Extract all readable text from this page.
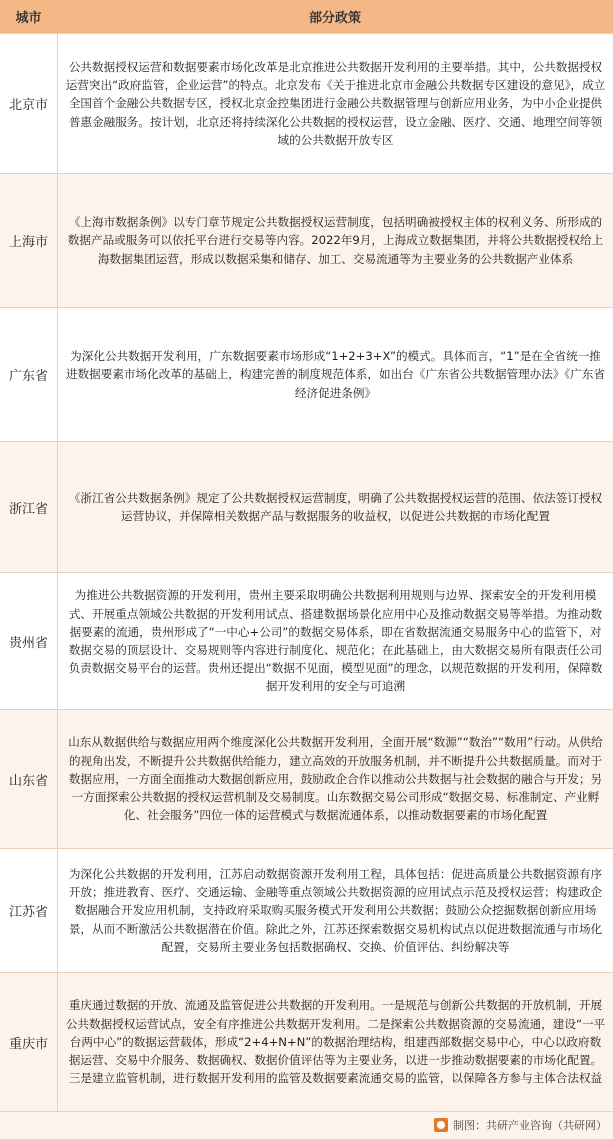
城市	部分政策
北京市
公共数据授权运营和数据要素市场化改革是北京推进公共数据开发利用的主要举措。其中，公共数据授权运营突出“政府监管，企业运营”的特点。北京发布《关于推进北京市金融公共数据专区建设的意见》，成立全国首个金融公共数据专区，授权北京金控集团进行金融公共数据管理与创新应用业务，为中小企业提供普惠金融服务。按计划，北京还将持续深化公共数据的授权运营，设立金融、医疗、交通、地理空间等领域的公共数据开放专区
上海市
《上海市数据条例》以专门章节规定公共数据授权运营制度，包括明确被授权主体的权利义务、所形成的数据产品或服务可以依托平台进行交易等内容。2022年9月，上海成立数据集团，并将公共数据授权给上海数据集团运营，形成以数据采集和储存、加工、交易流通等为主要业务的公共数据产业体系
广东省
为深化公共数据开发利用，广东数据要素市场形成“1+2+3+X”的模式。具体而言，“1”是在全省统一推进数据要素市场化改革的基础上，构建完善的制度规范体系，如出台《广东省公共数据管理办法》《广东省经济促进条例》
浙江省
《浙江省公共数据条例》规定了公共数据授权运营制度，明确了公共数据授权运营的范围、依法签订授权运营协议，并保障相关数据产品与数据服务的收益权，以促进公共数据的市场化配置
贵州省
为推进公共数据资源的开发利用，贵州主要采取明确公共数据利用规则与边界、探索安全的开发利用模式、开展重点领域公共数据的开发利用试点、搭建数据场景化应用中心及推动数据交易等举措。为推动数据要素的流通，贵州形成了“一中心+公司”的数据交易体系，即在省数据流通交易服务中心的监管下，对数据交易的顶层设计、交易规则等内容进行制度化、规范化；在此基础上，由大数据交易所有限责任公司负责数据交易平台的运营。贵州还提出“数据不见面，模型见面”的理念，以规范数据的开发利用，保障数据开发利用的安全与可追溯
山东省
山东从数据供给与数据应用两个维度深化公共数据开发利用，全面开展“数源”“数治”“数用”行动。从供给的视角出发，不断提升公共数据供给能力，建立高效的开放服务机制，并不断提升公共数据质量。而对于数据应用，一方面全面推动大数据创新应用，鼓励政企合作以推动公共数据与社会数据的融合与开发；另一方面探索公共数据的授权运营机制及交易制度。山东数据交易公司形成“数据交易、标准制定、产业孵化、社会服务”四位一体的运营模式与数据流通体系，以推动数据要素的市场化配置
江苏省
为深化公共数据的开发利用，江苏启动数据资源开发利用工程，具体包括：促进高质量公共数据资源有序开放；推进教育、医疗、交通运输、金融等重点领域公共数据资源的应用试点示范及授权运营；构建政企数据融合开发应用机制，支持政府采取购买服务模式开发利用公共数据；鼓励公众挖掘数据创新应用场景，从而不断激活公共数据潜在价值。除此之外，江苏还探索数据交易机构试点以促进数据流通与市场化配置，交易所主要业务包括数据确权、交换、价值评估、纠纷解决等
重庆市
重庆通过数据的开放、流通及监管促进公共数据的开发利用。一是规范与创新公共数据的开放机制，开展公共数据授权运营试点，安全有序推进公共数据开发利用。二是探索公共数据资源的交易流通，建设“一平台两中心”的数据运营载体，形成“2+4+N+N”的数据治理结构，组建西部数据交易中心，中心以政府数据运营、交易中介服务、数据确权、数据价值评估等为主要业务，以进一步推动数据要素的市场化配置。三是建立监管机制，进行数据开发利用的监管及数据要素流通交易的监管，以保障各方参与主体合法权益
制图：共研产业咨询（共研网）
